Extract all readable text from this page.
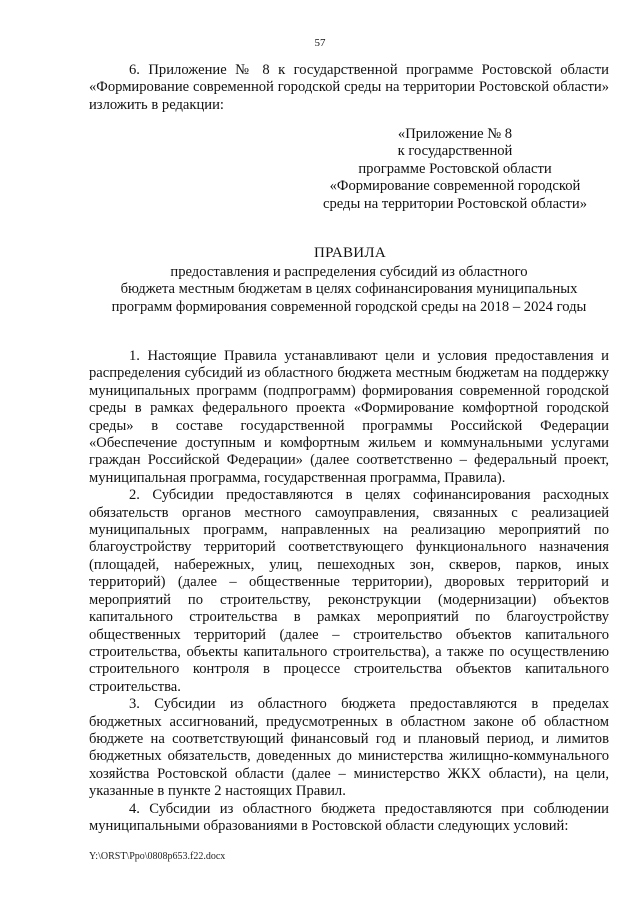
57
6. Приложение № 8 к государственной программе Ростовской области «Формирование современной городской среды на территории Ростовской области» изложить в редакции:
«Приложение № 8
к государственной
программе Ростовской области
«Формирование современной городской
среды на территории Ростовской области»
ПРАВИЛА
предоставления и распределения субсидий из областного
бюджета местным бюджетам в целях софинансирования муниципальных
программ формирования современной городской среды на 2018 – 2024 годы

1. Настоящие Правила устанавливают цели и условия предоставления и распределения субсидий из областного бюджета местным бюджетам на поддержку муниципальных программ (подпрограмм) формирования современной городской среды в рамках федерального проекта «Формирование комфортной городской среды» в составе государственной программы Российской Федерации «Обеспечение доступным и комфортным жильем и коммунальными услугами граждан Российской Федерации» (далее соответственно – федеральный проект, муниципальная программа, государственная программа, Правила).

2. Субсидии предоставляются в целях софинансирования расходных обязательств органов местного самоуправления, связанных с реализацией муниципальных программ, направленных на реализацию мероприятий по благоустройству территорий соответствующего функционального назначения (площадей, набережных, улиц, пешеходных зон, скверов, парков, иных территорий) (далее – общественные территории), дворовых территорий и мероприятий по строительству, реконструкции (модернизации) объектов капитального строительства в рамках мероприятий по благоустройству общественных территорий (далее – строительство объектов капитального строительства, объекты капитального строительства), а также по осуществлению строительного контроля в процессе строительства объектов капитального строительства.

3. Субсидии из областного бюджета предоставляются в пределах бюджетных ассигнований, предусмотренных в областном законе об областном бюджете на соответствующий финансовый год и плановый период, и лимитов бюджетных обязательств, доведенных до министерства жилищно-коммунального хозяйства Ростовской области (далее – министерство ЖКХ области), на цели, указанные в пункте 2 настоящих Правил.

4. Субсидии из областного бюджета предоставляются при соблюдении муниципальными образованиями в Ростовской области следующих условий:

Y:\ORST\Ppo\0808p653.f22.docx
